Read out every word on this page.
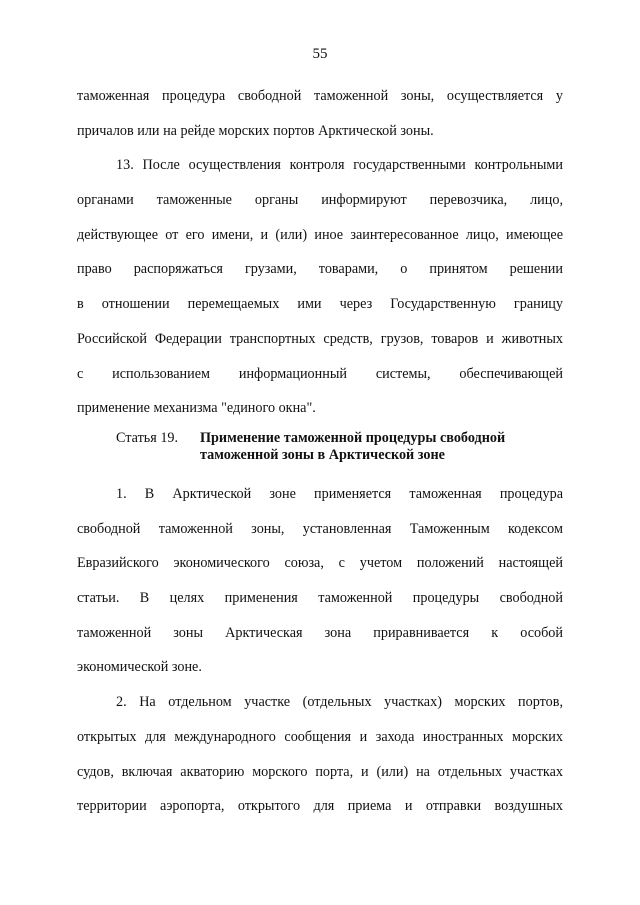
55
таможенная процедура свободной таможенной зоны, осуществляется у
причалов или на рейде морских портов Арктической зоны.
13. После осуществления контроля государственными контрольными
органами таможенные органы информируют перевозчика, лицо,
действующее от его имени, и (или) иное заинтересованное лицо, имеющее
право распоряжаться грузами, товарами, о принятом решении
в отношении перемещаемых ими через Государственную границу
Российской Федерации транспортных средств, грузов, товаров и животных
с использованием информационный системы, обеспечивающей
применение механизма "единого окна".
Статья 19. Применение таможенной процедуры свободной
таможенной зоны в Арктической зоне
1. В Арктической зоне применяется таможенная процедура
свободной таможенной зоны, установленная Таможенным кодексом
Евразийского экономического союза, с учетом положений настоящей
статьи. В целях применения таможенной процедуры свободной
таможенной зоны Арктическая зона приравнивается к особой
экономической зоне.
2. На отдельном участке (отдельных участках) морских портов,
открытых для международного сообщения и захода иностранных морских
судов, включая акваторию морского порта, и (или) на отдельных участках
территории аэропорта, открытого для приема и отправки воздушных
